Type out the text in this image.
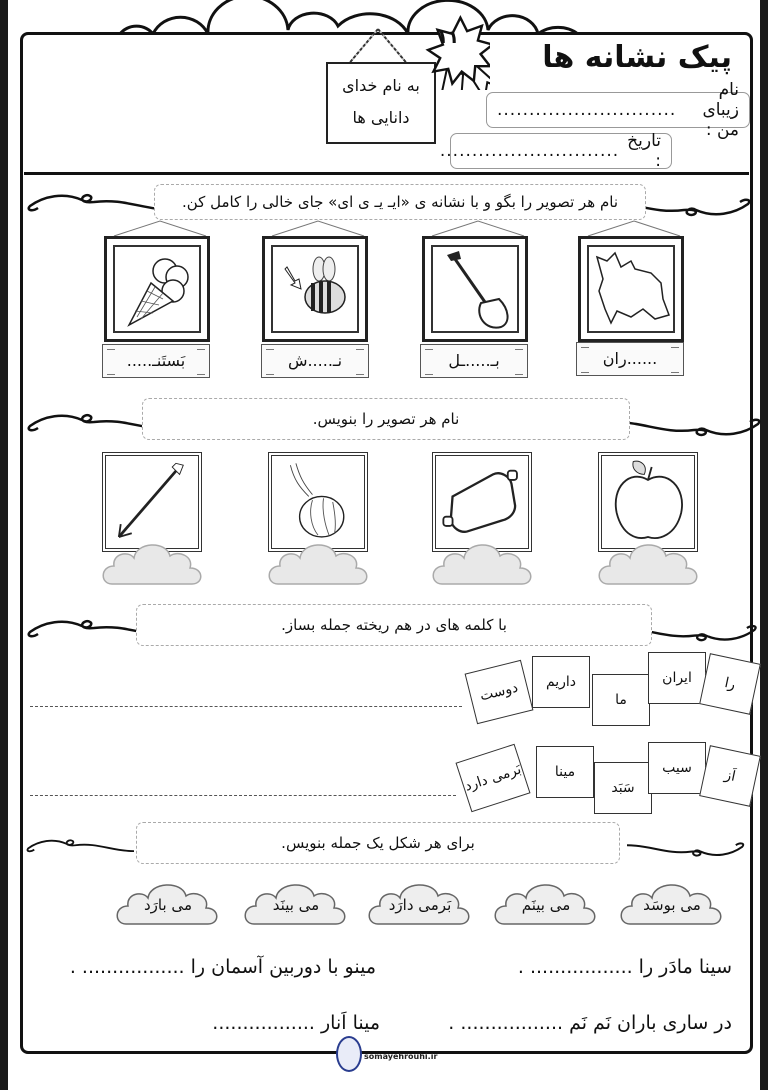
پیک نشانه ها
نام زیبای من :
............................
تاریخ :
............................
به نام خدای
دانایی ها
۱۱
نام هر تصویر را بگو و با نشانه ی «ایـ یـ ی ای» جای خالی را کامل کن.
بَستَنـ.....	نـ.....ش	بـ.....ـل	......ران
نام هر تصویر را بنویس.
با کلمه های در هم ریخته جمله بساز.
دوست	داریم
ما
ایران	را
بَرمی دارد	مینا
سَبَد
سیب	اَز
برای هر شکل یک جمله بنویس.
می بارَد	می بینَد	بَرمی دارَد	می بینَم	می بوسَد
سینا مادَر را ................. .
مینو با دوربین آسمان را ................. .
در ساری باران نَم نَم ................. .
مینا اَنار .................
somayehrouhi.ir
